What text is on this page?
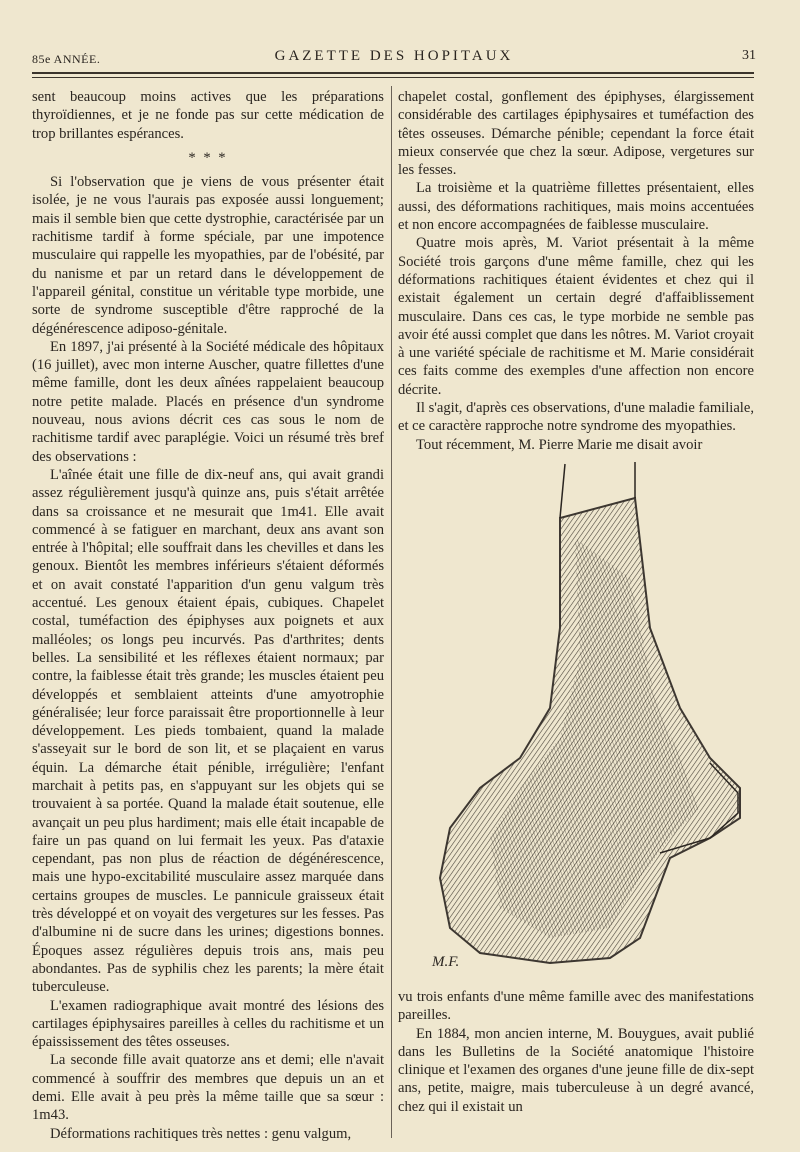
85e ANNÉE.	GAZETTE DES HOPITAUX	31

sent beaucoup moins actives que les préparations thyroïdiennes, et je ne fonde pas sur cette médication de trop brillantes espérances.

* * *

Si l'observation que je viens de vous présenter était isolée, je ne vous l'aurais pas exposée aussi longuement; mais il semble bien que cette dystrophie, caractérisée par un rachitisme tardif à forme spéciale, par une impotence musculaire qui rappelle les myopathies, par de l'obésité, par du nanisme et par un retard dans le développement de l'appareil génital, constitue un véritable type morbide, une sorte de syndrome susceptible d'être rapproché de la dégénérescence adiposo-génitale.

En 1897, j'ai présenté à la Société médicale des hôpitaux (16 juillet), avec mon interne Auscher, quatre fillettes d'une même famille, dont les deux aînées rappelaient beaucoup notre petite malade. Placés en présence d'un syndrome nouveau, nous avions décrit ces cas sous le nom de rachitisme tardif avec paraplégie. Voici un résumé très bref des observations :

L'aînée était une fille de dix-neuf ans, qui avait grandi assez régulièrement jusqu'à quinze ans, puis s'était arrêtée dans sa croissance et ne mesurait que 1m41. Elle avait commencé à se fatiguer en marchant, deux ans avant son entrée à l'hôpital; elle souffrait dans les chevilles et dans les genoux. Bientôt les membres inférieurs s'étaient déformés et on avait constaté l'apparition d'un genu valgum très accentué. Les genoux étaient épais, cubiques. Chapelet costal, tuméfaction des épiphyses aux poignets et aux malléoles; os longs peu incurvés. Pas d'arthrites; dents belles. La sensibilité et les réflexes étaient normaux; par contre, la faiblesse était très grande; les muscles étaient peu développés et semblaient atteints d'une amyotrophie généralisée; leur force paraissait être proportionnelle à leur développement. Les pieds tombaient, quand la malade s'asseyait sur le bord de son lit, et se plaçaient en varus équin. La démarche était pénible, irrégulière; l'enfant marchait à petits pas, en s'appuyant sur les objets qui se trouvaient à sa portée. Quand la malade était soutenue, elle avançait un peu plus hardiment; mais elle était incapable de faire un pas quand on lui fermait les yeux. Pas d'ataxie cependant, pas non plus de réaction de dégénérescence, mais une hypo-excitabilité musculaire assez marquée dans certains groupes de muscles. Le pannicule graisseux était très développé et on voyait des vergetures sur les fesses. Pas d'albumine ni de sucre dans les urines; digestions bonnes. Époques assez régulières depuis trois ans, mais peu abondantes. Pas de syphilis chez les parents; la mère était tuberculeuse.

L'examen radiographique avait montré des lésions des cartilages épiphysaires pareilles à celles du rachitisme et un épaississement des têtes osseuses.

La seconde fille avait quatorze ans et demi; elle n'avait commencé à souffrir des membres que depuis un an et demi. Elle avait à peu près la même taille que sa sœur : 1m43.

Déformations rachitiques très nettes : genu valgum,

chapelet costal, gonflement des épiphyses, élargissement considérable des cartilages épiphysaires et tuméfaction des têtes osseuses. Démarche pénible; cependant la force était mieux conservée que chez la sœur. Adipose, vergetures sur les fesses.

La troisième et la quatrième fillettes présentaient, elles aussi, des déformations rachitiques, mais moins accentuées et non encore accompagnées de faiblesse musculaire.

Quatre mois après, M. Variot présentait à la même Société trois garçons d'une même famille, chez qui les déformations rachitiques étaient évidentes et chez qui il existait également un certain degré d'affaiblissement musculaire. Dans ces cas, le type morbide ne semble pas avoir été aussi complet que dans les nôtres. M. Variot croyait à une variété spéciale de rachitisme et M. Marie considérait ces faits comme des exemples d'une affection non encore décrite.

Il s'agit, d'après ces observations, d'une maladie familiale, et ce caractère rapproche notre syndrome des myopathies.

Tout récemment, M. Pierre Marie me disait avoir

M.F.

vu trois enfants d'une même famille avec des manifestations pareilles.

En 1884, mon ancien interne, M. Bouygues, avait publié dans les Bulletins de la Société anatomique l'histoire clinique et l'examen des organes d'une jeune fille de dix-sept ans, petite, maigre, mais tuberculeuse à un degré avancé, chez qui il existait un
